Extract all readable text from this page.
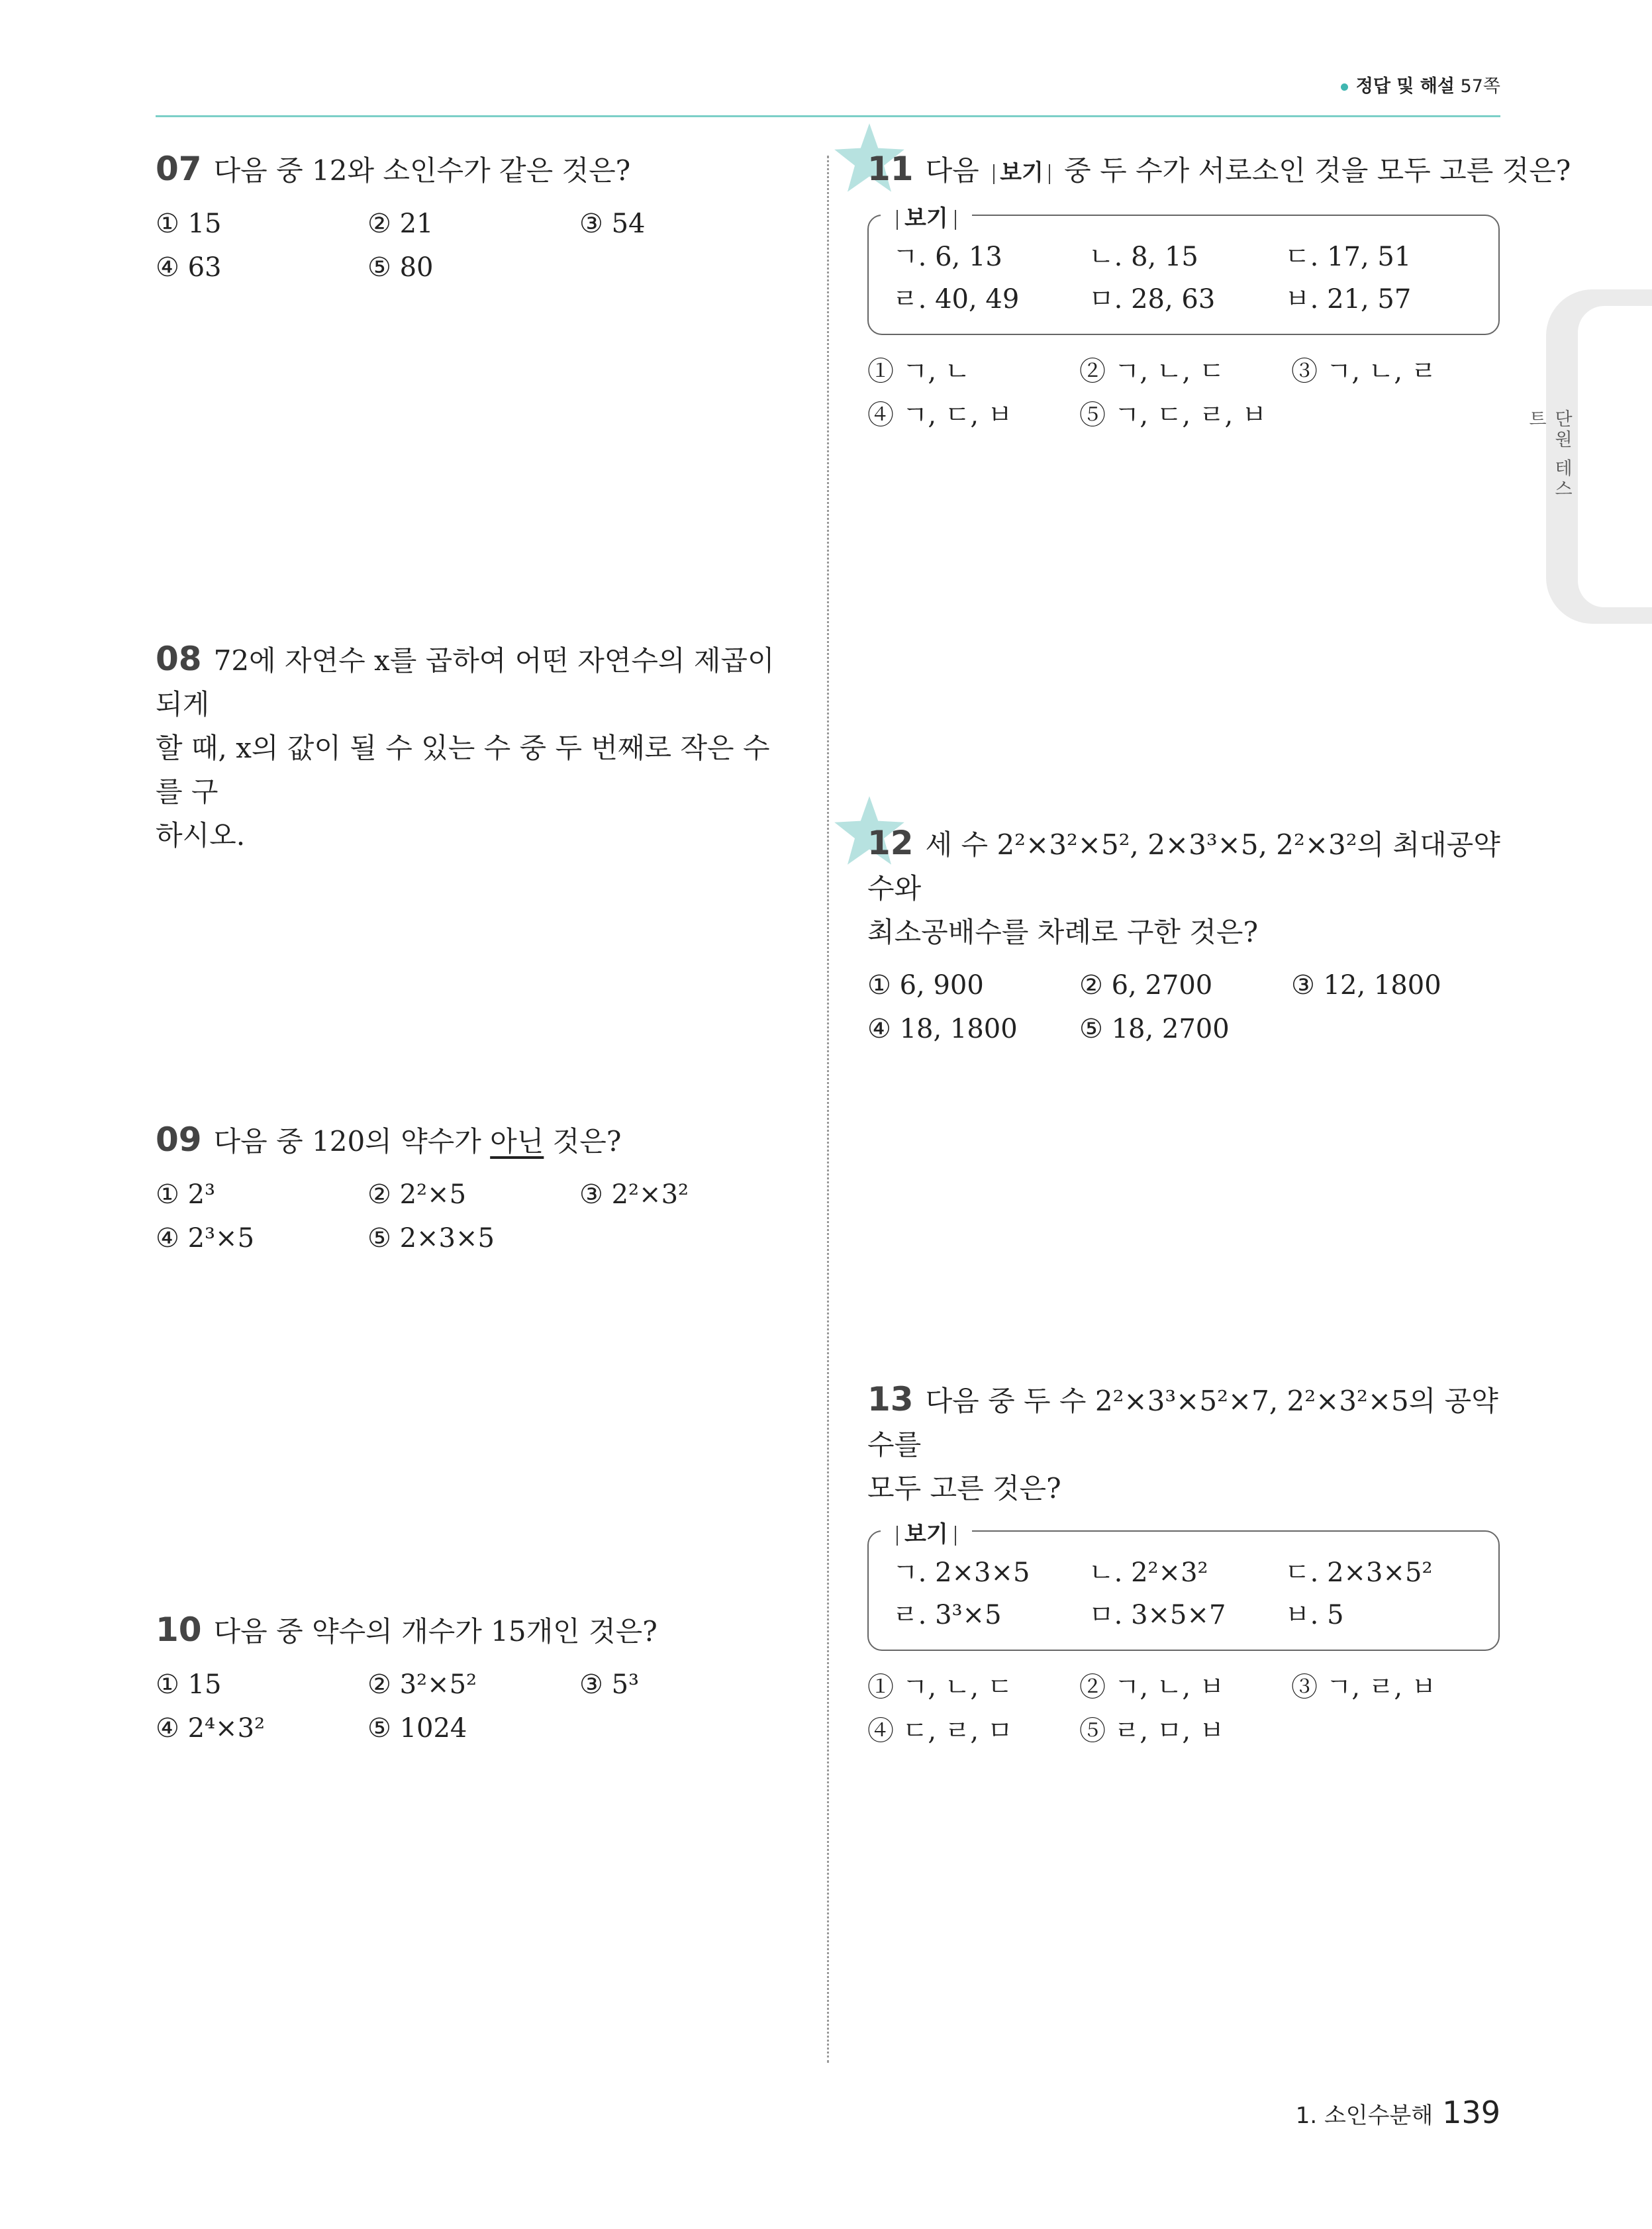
정답 및 해설 57쪽
단원 테스트
07 다음 중 12와 소인수가 같은 것은?
① 15	② 21	③ 54
④ 63	⑤ 80
08 72에 자연수 x를 곱하여 어떤 자연수의 제곱이 되게
할 때, x의 값이 될 수 있는 수 중 두 번째로 작은 수를 구
하시오.
09 다음 중 120의 약수가 아닌 것은?
① 2³	② 2²×5	③ 2²×3²
④ 2³×5	⑤ 2×3×5
10 다음 중 약수의 개수가 15개인 것은?
① 15	② 3²×5²	③ 5³
④ 2⁴×3²	⑤ 1024
11 다음 보기 중 두 수가 서로소인 것을 모두 고른 것은?
보기
ㄱ. 6, 13	ㄴ. 8, 15	ㄷ. 17, 51
ㄹ. 40, 49	ㅁ. 28, 63	ㅂ. 21, 57
① ㄱ, ㄴ	② ㄱ, ㄴ, ㄷ	③ ㄱ, ㄴ, ㄹ
④ ㄱ, ㄷ, ㅂ	⑤ ㄱ, ㄷ, ㄹ, ㅂ
12 세 수 2²×3²×5², 2×3³×5, 2²×3²의 최대공약수와
최소공배수를 차례로 구한 것은?
① 6, 900	② 6, 2700	③ 12, 1800
④ 18, 1800	⑤ 18, 2700
13 다음 중 두 수 2²×3³×5²×7, 2²×3²×5의 공약수를
모두 고른 것은?
보기
ㄱ. 2×3×5	ㄴ. 2²×3²	ㄷ. 2×3×5²
ㄹ. 3³×5	ㅁ. 3×5×7	ㅂ. 5
① ㄱ, ㄴ, ㄷ	② ㄱ, ㄴ, ㅂ	③ ㄱ, ㄹ, ㅂ
④ ㄷ, ㄹ, ㅁ	⑤ ㄹ, ㅁ, ㅂ
1. 소인수분해 139
